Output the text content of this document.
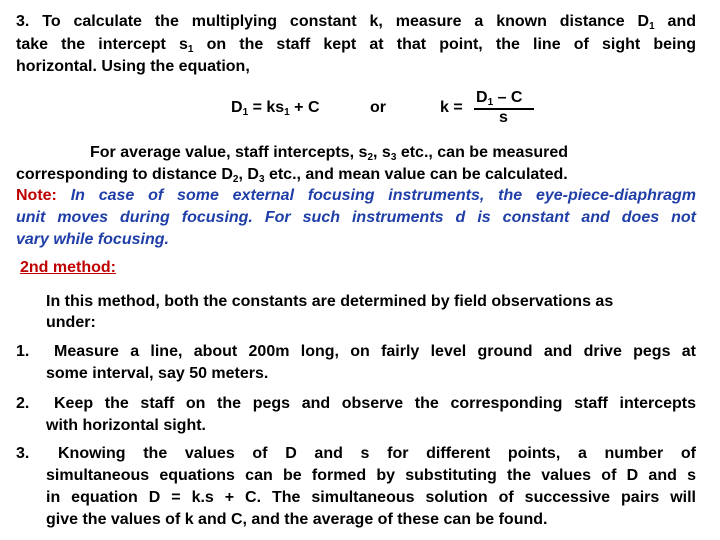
3. To calculate the multiplying constant k, measure a known distance $D_1$ and
take the intercept $s_1$ on the staff kept at that point, the line of sight being
horizontal. Using the equation,
$D_1 = ks_1 + C$	or	k =
$D_1$ – C
s
For average value, staff intercepts, $s_2$, $s_3$ etc., can be measured
corresponding to distance $D_2$, $D_3$ etc., and mean value can be calculated.
Note: In case of some external focusing instruments, the eye-piece-diaphragm
unit moves during focusing. For such instruments d is constant and does not
vary while focusing.
2nd method:
In this method, both the constants are determined by field observations as
under:
1. Measure a line, about 200m long, on fairly level ground and drive pegs at
some interval, say 50 meters.
2. Keep the staff on the pegs and observe the corresponding staff intercepts
with horizontal sight.
3. Knowing the values of D and s for different points, a number of
simultaneous equations can be formed by substituting the values of D and s
in equation D = k.s + C. The simultaneous solution of successive pairs will
give the values of k and C, and the average of these can be found.
